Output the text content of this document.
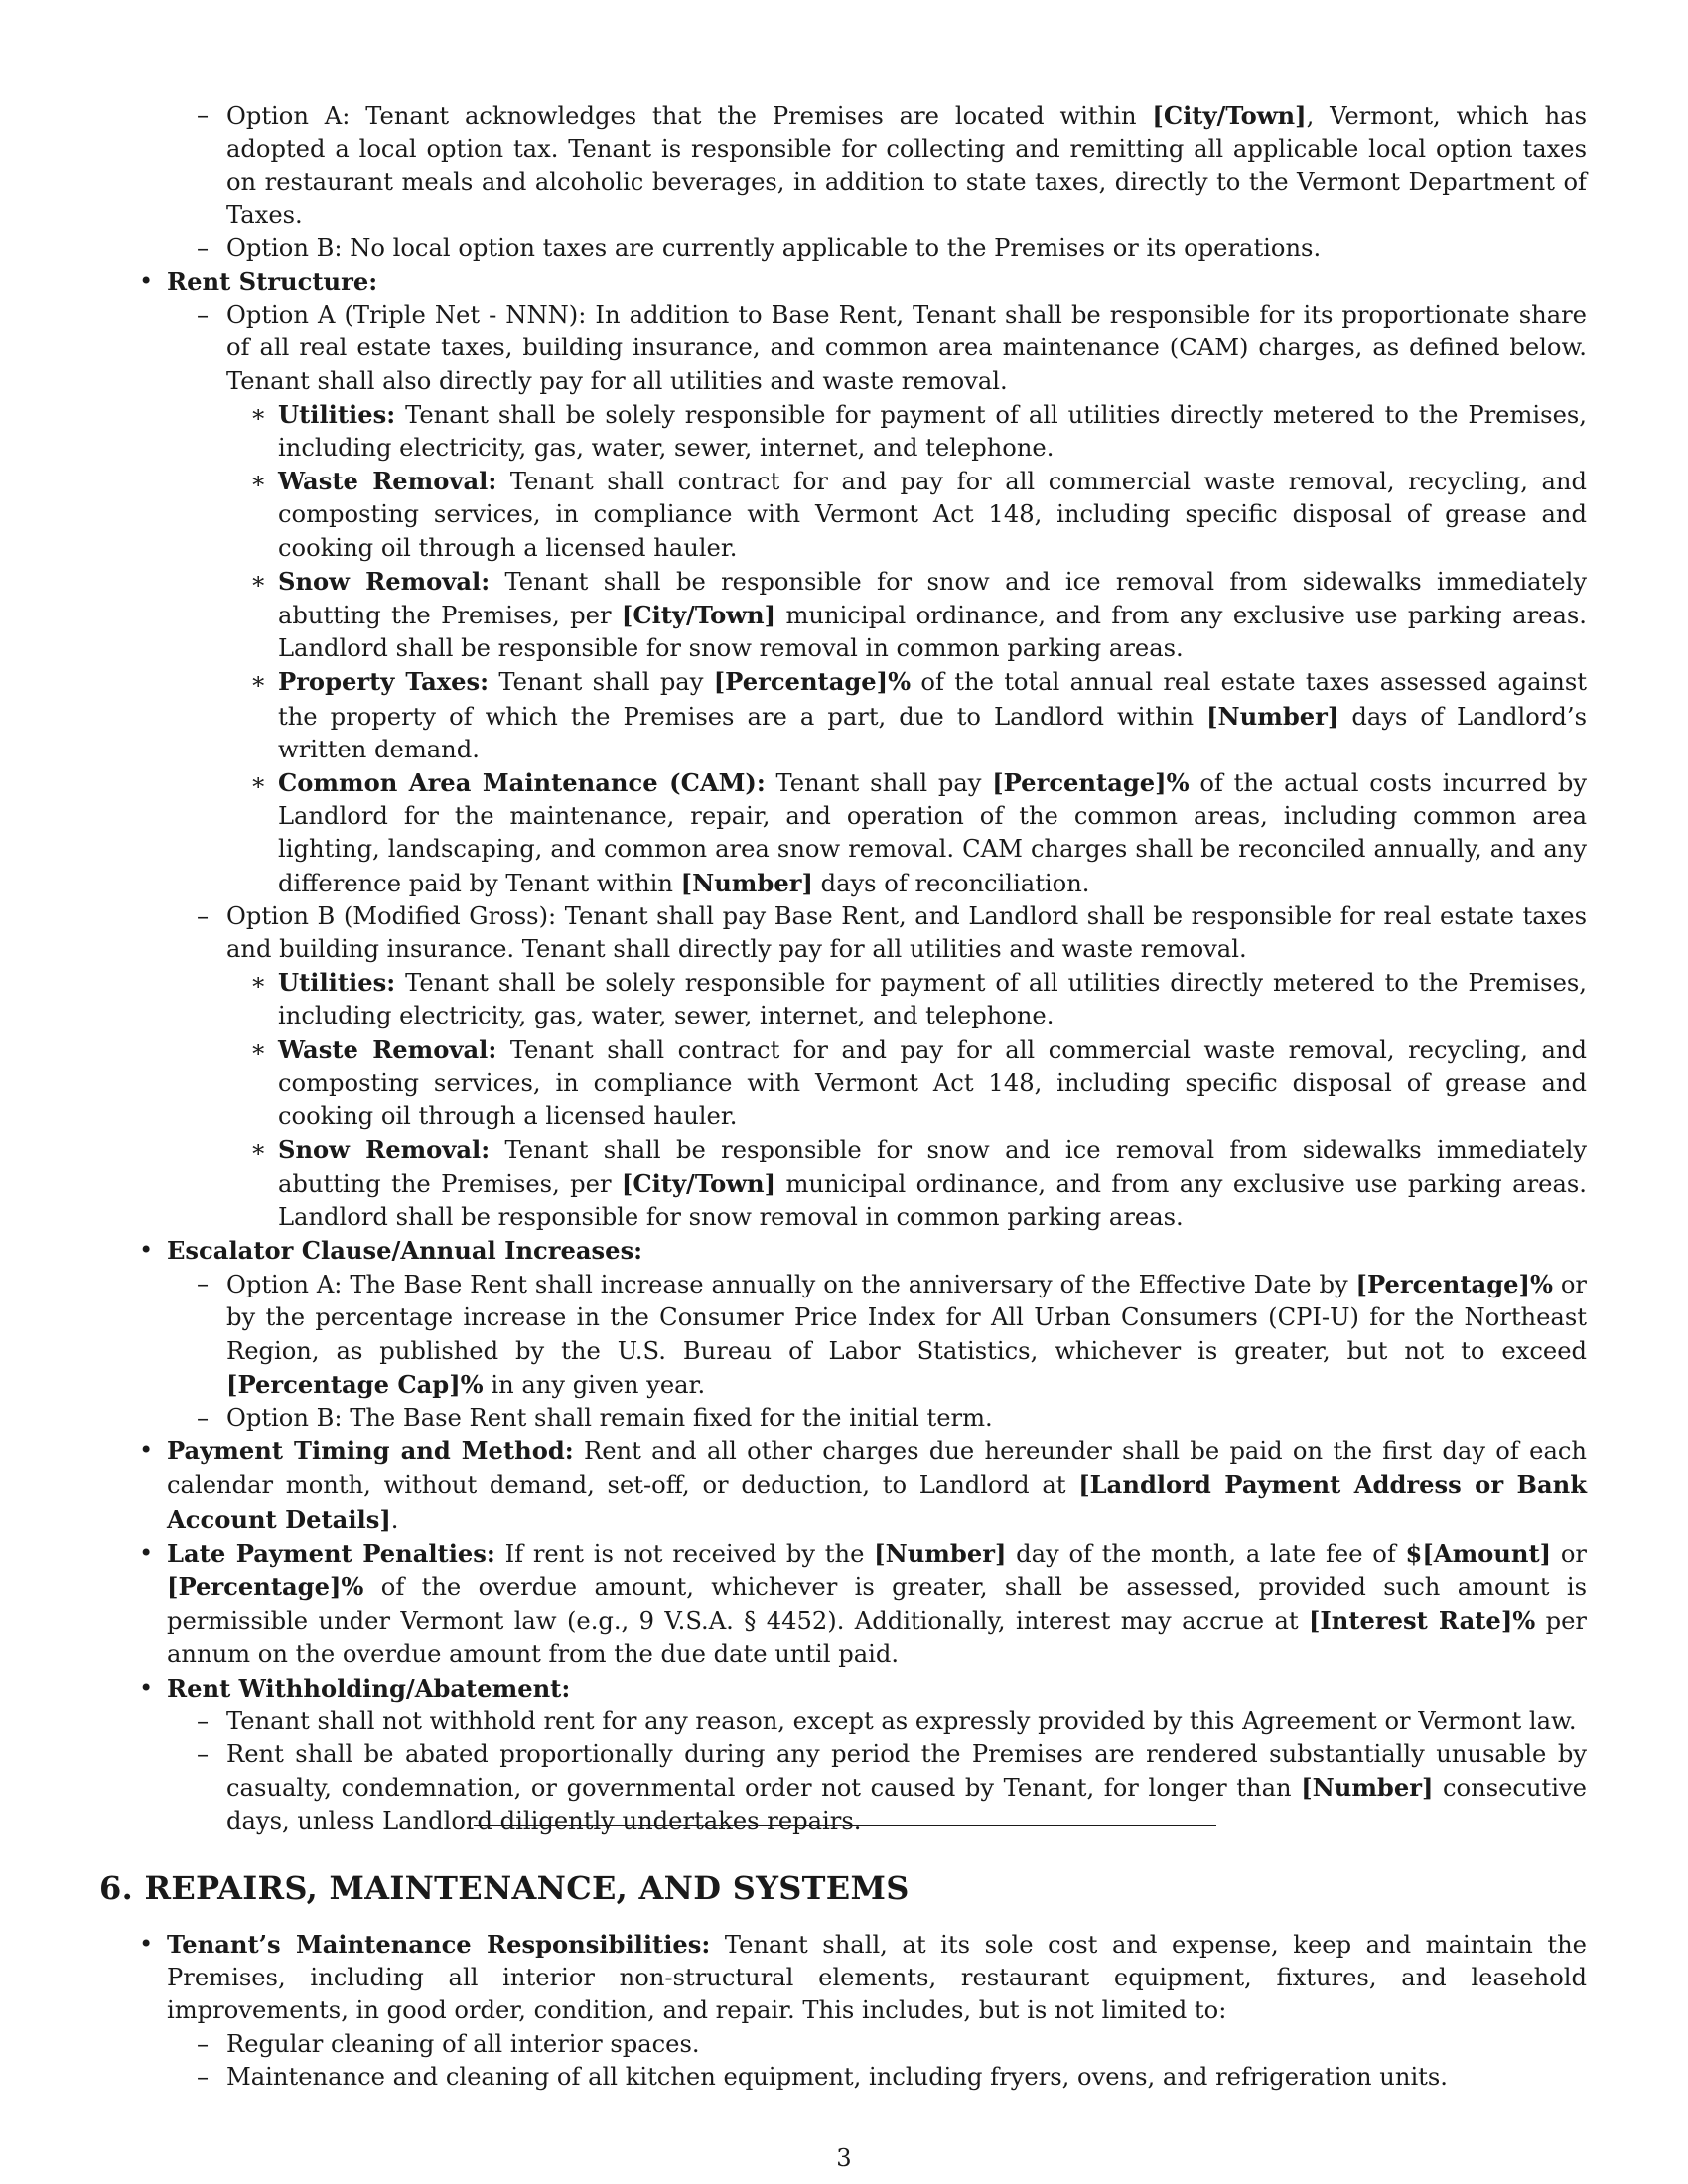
– Option A: Tenant acknowledges that the Premises are located within [City/Town], Vermont, which has adopted a local option tax. Tenant is responsible for collecting and remitting all applicable local option taxes on restaurant meals and alcoholic beverages, in addition to state taxes, directly to the Vermont Department of Taxes.
– Option B: No local option taxes are currently applicable to the Premises or its operations.
• Rent Structure:
– Option A (Triple Net - NNN): In addition to Base Rent, Tenant shall be responsible for its proportionate share of all real estate taxes, building insurance, and common area maintenance (CAM) charges, as defined below. Tenant shall also directly pay for all utilities and waste removal.
∗ Utilities: Tenant shall be solely responsible for payment of all utilities directly metered to the Premises, including electricity, gas, water, sewer, internet, and telephone.
∗ Waste Removal: Tenant shall contract for and pay for all commercial waste removal, recycling, and composting services, in compliance with Vermont Act 148, including specific disposal of grease and cooking oil through a licensed hauler.
∗ Snow Removal: Tenant shall be responsible for snow and ice removal from sidewalks immediately abutting the Premises, per [City/Town] municipal ordinance, and from any exclusive use parking areas. Landlord shall be responsible for snow removal in common parking areas.
∗ Property Taxes: Tenant shall pay [Percentage]% of the total annual real estate taxes assessed against the property of which the Premises are a part, due to Landlord within [Number] days of Landlord’s written demand.
∗ Common Area Maintenance (CAM): Tenant shall pay [Percentage]% of the actual costs incurred by Landlord for the maintenance, repair, and operation of the common areas, including common area lighting, landscaping, and common area snow removal. CAM charges shall be reconciled annually, and any difference paid by Tenant within [Number] days of reconciliation.
– Option B (Modified Gross): Tenant shall pay Base Rent, and Landlord shall be responsible for real estate taxes and building insurance. Tenant shall directly pay for all utilities and waste removal.
∗ Utilities: Tenant shall be solely responsible for payment of all utilities directly metered to the Premises, including electricity, gas, water, sewer, internet, and telephone.
∗ Waste Removal: Tenant shall contract for and pay for all commercial waste removal, recycling, and composting services, in compliance with Vermont Act 148, including specific disposal of grease and cooking oil through a licensed hauler.
∗ Snow Removal: Tenant shall be responsible for snow and ice removal from sidewalks immediately abutting the Premises, per [City/Town] municipal ordinance, and from any exclusive use parking areas. Landlord shall be responsible for snow removal in common parking areas.
• Escalator Clause/Annual Increases:
– Option A: The Base Rent shall increase annually on the anniversary of the Effective Date by [Percentage]% or by the percentage increase in the Consumer Price Index for All Urban Consumers (CPI-U) for the Northeast Region, as published by the U.S. Bureau of Labor Statistics, whichever is greater, but not to exceed [Percentage Cap]% in any given year.
– Option B: The Base Rent shall remain fixed for the initial term.
• Payment Timing and Method: Rent and all other charges due hereunder shall be paid on the first day of each calendar month, without demand, set-off, or deduction, to Landlord at [Landlord Payment Address or Bank Account Details].
• Late Payment Penalties: If rent is not received by the [Number] day of the month, a late fee of $[Amount] or [Percentage]% of the overdue amount, whichever is greater, shall be assessed, provided such amount is permissible under Vermont law (e.g., 9 V.S.A. § 4452). Additionally, interest may accrue at [Interest Rate]% per annum on the overdue amount from the due date until paid.
• Rent Withholding/Abatement:
– Tenant shall not withhold rent for any reason, except as expressly provided by this Agreement or Vermont law.
– Rent shall be abated proportionally during any period the Premises are rendered substantially unusable by casualty, condemnation, or governmental order not caused by Tenant, for longer than [Number] consecutive days, unless Landlord diligently undertakes repairs.
6. REPAIRS, MAINTENANCE, AND SYSTEMS
• Tenant’s Maintenance Responsibilities: Tenant shall, at its sole cost and expense, keep and maintain the Premises, including all interior non-structural elements, restaurant equipment, fixtures, and leasehold improvements, in good order, condition, and repair. This includes, but is not limited to:
– Regular cleaning of all interior spaces.
– Maintenance and cleaning of all kitchen equipment, including fryers, ovens, and refrigeration units.
3
